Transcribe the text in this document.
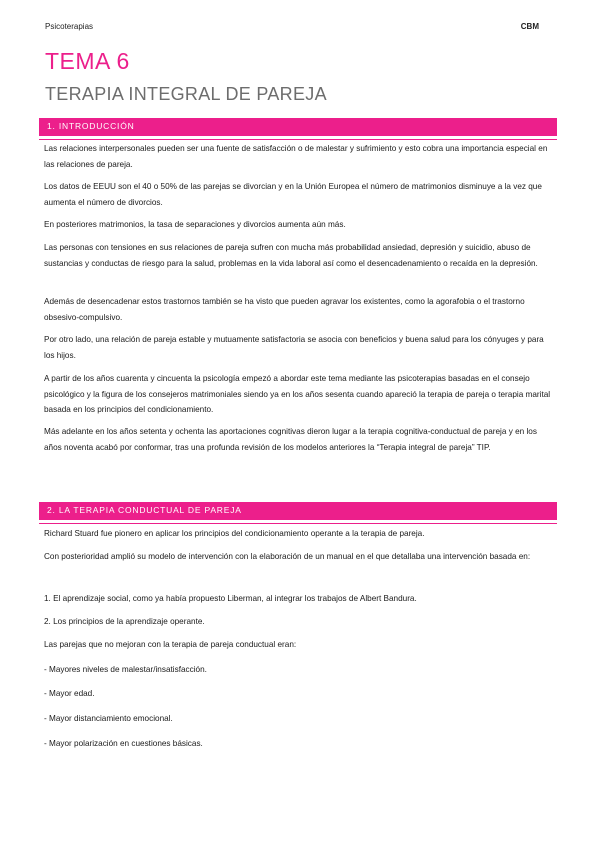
Psicoterapias	CBM
TEMA 6
TERAPIA INTEGRAL DE PAREJA
1. INTRODUCCIÓN

Las relaciones interpersonales pueden ser una fuente de satisfacción o de malestar y sufrimiento y esto cobra una importancia especial en las relaciones de pareja.

Los datos de EEUU son el 40 o 50% de las parejas se divorcian y en la Unión Europea el número de matrimonios disminuye a la vez que aumenta el número de divorcios.

En posteriores matrimonios, la tasa de separaciones y divorcios aumenta aún más.

Las personas con tensiones en sus relaciones de pareja sufren con mucha más probabilidad ansiedad, depresión y suicidio, abuso de sustancias y conductas de riesgo para la salud, problemas en la vida laboral así como el desencadenamiento o recaída en la depresión.

Además de desencadenar estos trastornos también se ha visto que pueden agravar los existentes, como la agorafobia o el trastorno obsesivo-compulsivo.

Por otro lado, una relación de pareja estable y mutuamente satisfactoria se asocia con beneficios y buena salud para los cónyuges y para los hijos.

A partir de los años cuarenta y cincuenta la psicología empezó a abordar este tema mediante las psicoterapias basadas en el consejo psicológico y la figura de los consejeros matrimoniales siendo ya en los años sesenta cuando apareció la terapia de pareja o terapia marital basada en los principios del condicionamiento.

Más adelante en los años setenta y ochenta las aportaciones cognitivas dieron lugar a la terapia cognitiva-conductual de pareja y en los años noventa acabó por conformar, tras una profunda revisión de los modelos anteriores la “Terapia integral de pareja” TIP.

2. LA TERAPIA CONDUCTUAL DE PAREJA

Richard Stuard fue pionero en aplicar los principios del condicionamiento operante a la terapia de pareja.

Con posterioridad amplió su modelo de intervención con la elaboración de un manual en el que detallaba una intervención basada en:

1. El aprendizaje social, como ya había propuesto Liberman, al integrar los trabajos de Albert Bandura.

2. Los principios de la aprendizaje operante.

Las parejas que no mejoran con la terapia de pareja conductual eran:

- Mayores niveles de malestar/insatisfacción.

- Mayor edad.

- Mayor distanciamiento emocional.

- Mayor polarización en cuestiones básicas.
